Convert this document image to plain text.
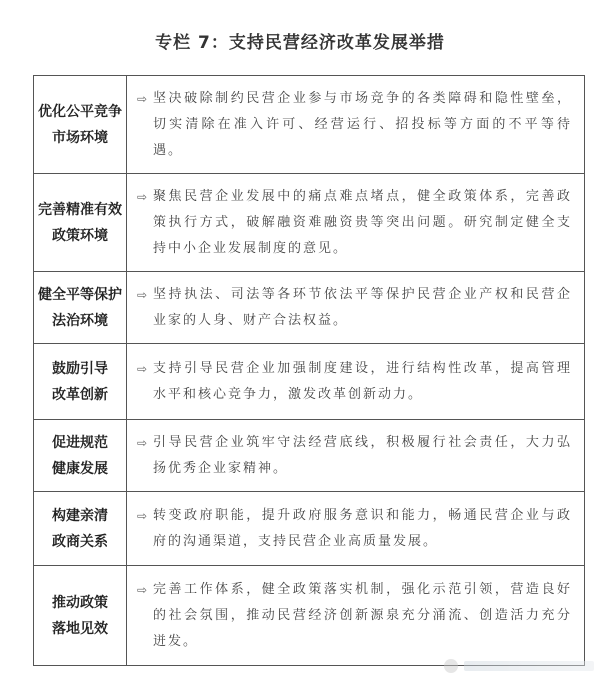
专栏 7：支持民营经济改革发展举措
优化公平竞争
市场环境	⇨ 坚决破除制约民营企业参与市场竞争的各类障碍和隐性壁垒，切实清除在准入许可、经营运行、招投标等方面的不平等待遇。

完善精准有效
政策环境	⇨ 聚焦民营企业发展中的痛点难点堵点，健全政策体系，完善政策执行方式，破解融资难融资贵等突出问题。研究制定健全支持中小企业发展制度的意见。

健全平等保护
法治环境	⇨ 坚持执法、司法等各环节依法平等保护民营企业产权和民营企业家的人身、财产合法权益。

鼓励引导
改革创新	⇨ 支持引导民营企业加强制度建设，进行结构性改革，提高管理水平和核心竞争力，激发改革创新动力。

促进规范
健康发展	⇨ 引导民营企业筑牢守法经营底线，积极履行社会责任，大力弘扬优秀企业家精神。

构建亲清
政商关系	⇨ 转变政府职能，提升政府服务意识和能力，畅通民营企业与政府的沟通渠道，支持民营企业高质量发展。

推动政策
落地见效	⇨ 完善工作体系，健全政策落实机制，强化示范引领，营造良好的社会氛围，推动民营经济创新源泉充分涌流、创造活力充分迸发。
